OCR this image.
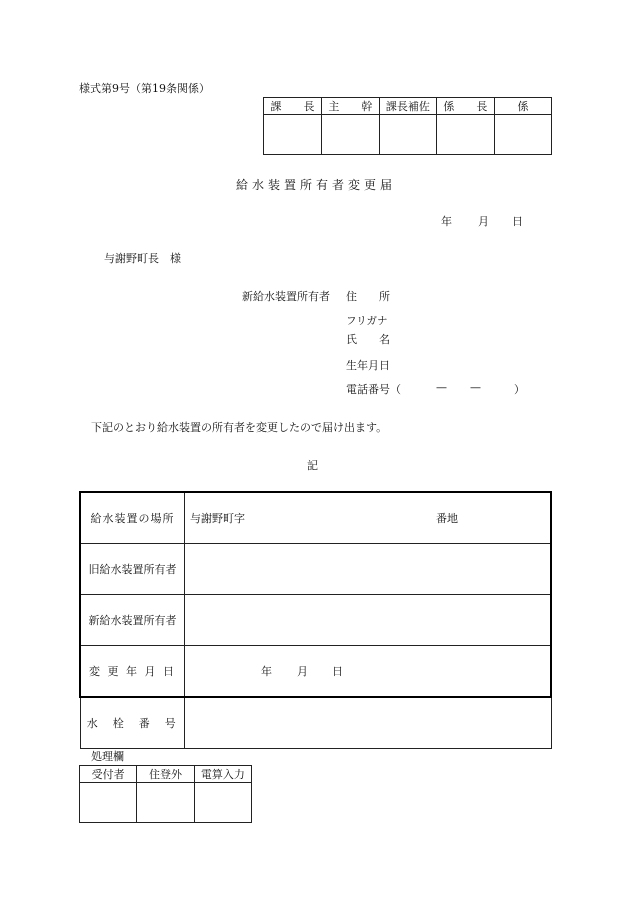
様式第9号（第19条関係）
課　　長	主　　幹	課長補佐	係　　長	係

給水装置所有者変更届
年 月 日
与謝野町長　様
新給水装置所有者 住　　所
フリガナ
氏　　名
生年月日
電話番号（	— —	）
下記のとおり給水装置の所有者を変更したので届け出ます。
記
給水装置の場所	与謝野町字 番地

旧給水装置所有者	
新給水装置所有者	
変 更 年 月 日	年 月 日

水　栓　番　号	
処理欄
受付者	住登外	電算入力
